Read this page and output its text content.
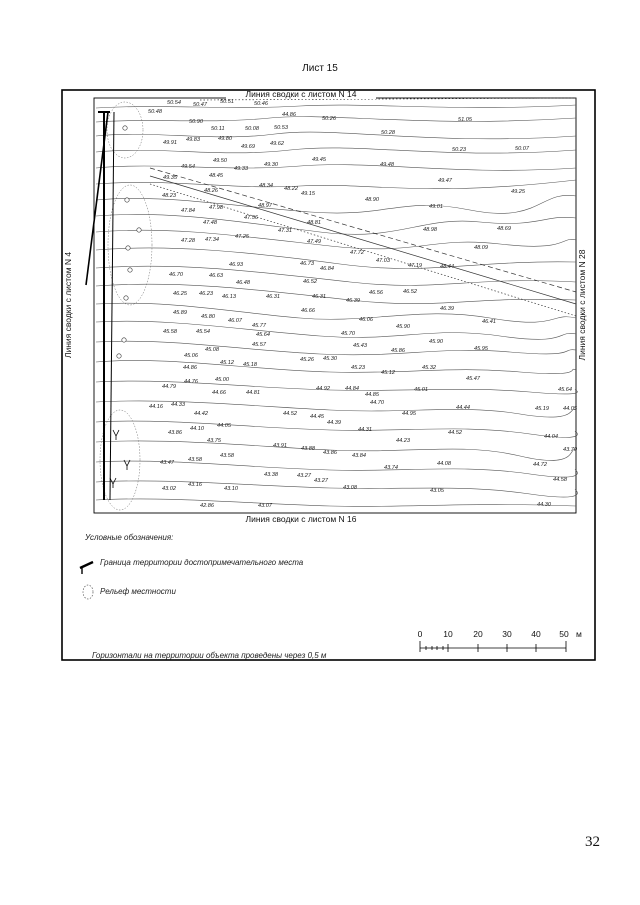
Лист 15
50.54 50.47 50.51	50.46
50.48
50.90
50.11	50.08	50.53
50.26
50.28
51.05
49.91 49.83	49.80
49.69	49.62
50.23	50.07
49.50
49.54
49.45
49.48
48.45
49.35
49.33
49.30
48.34 48.22
49.15
49.47
48.23
48.26	49.25
47.84	47.98	48.97
48.90
49.01
47.48
47.56
48.81
47.28 47.34	47.25
47.31
47.49
48.98	48.69
47.72
47.03
47.19
48.09
46.70	46.63
46.93	46.73
46.84	48.44
46.48	46.52
46.25 46.23 46.13	46.31	46.31
46.39
46.56	46.52
45.89
45.80
46.07
46.66
46.06
46.39
45.77	45.90
45.58	45.54	45.64	45.70
46.41
45.57	45.43
45.86
45.90
45.95
45.06
45.08
45.12 45.18
45.26 45.30
45.23
45.12
45.32
44.86
45.00
44.79
44.76
44.66	44.81
44.92	44.84
44.85
44.70
45.01
45.47
44.16 44.33
44.42	44.52 44.45
44.39
44.05
44.95
44.44
45.64
45.19
43.86
44.10
44.05
44.31
44.23
44.52
43.75
43.91	43.88
43.86	43.84
44.04
43.47	43.58
43.58
43.74
44.08
43.70
43.38	43.27
43.27
43.08
44.72
43.02
43.16
43.10
42.86	43.07
43.05
44.58
44.30
44.86
Линия сводки с листом N 14
Линия сводки с листом N 16
Линия сводки с листом N 4	Линия сводки с листом N 28
Условные обозначения:
Граница территории достопримечательного места
Рельеф местности
0 10 20 30 40 50 м
Горизонтали на территории объекта проведены через 0,5 м
32
